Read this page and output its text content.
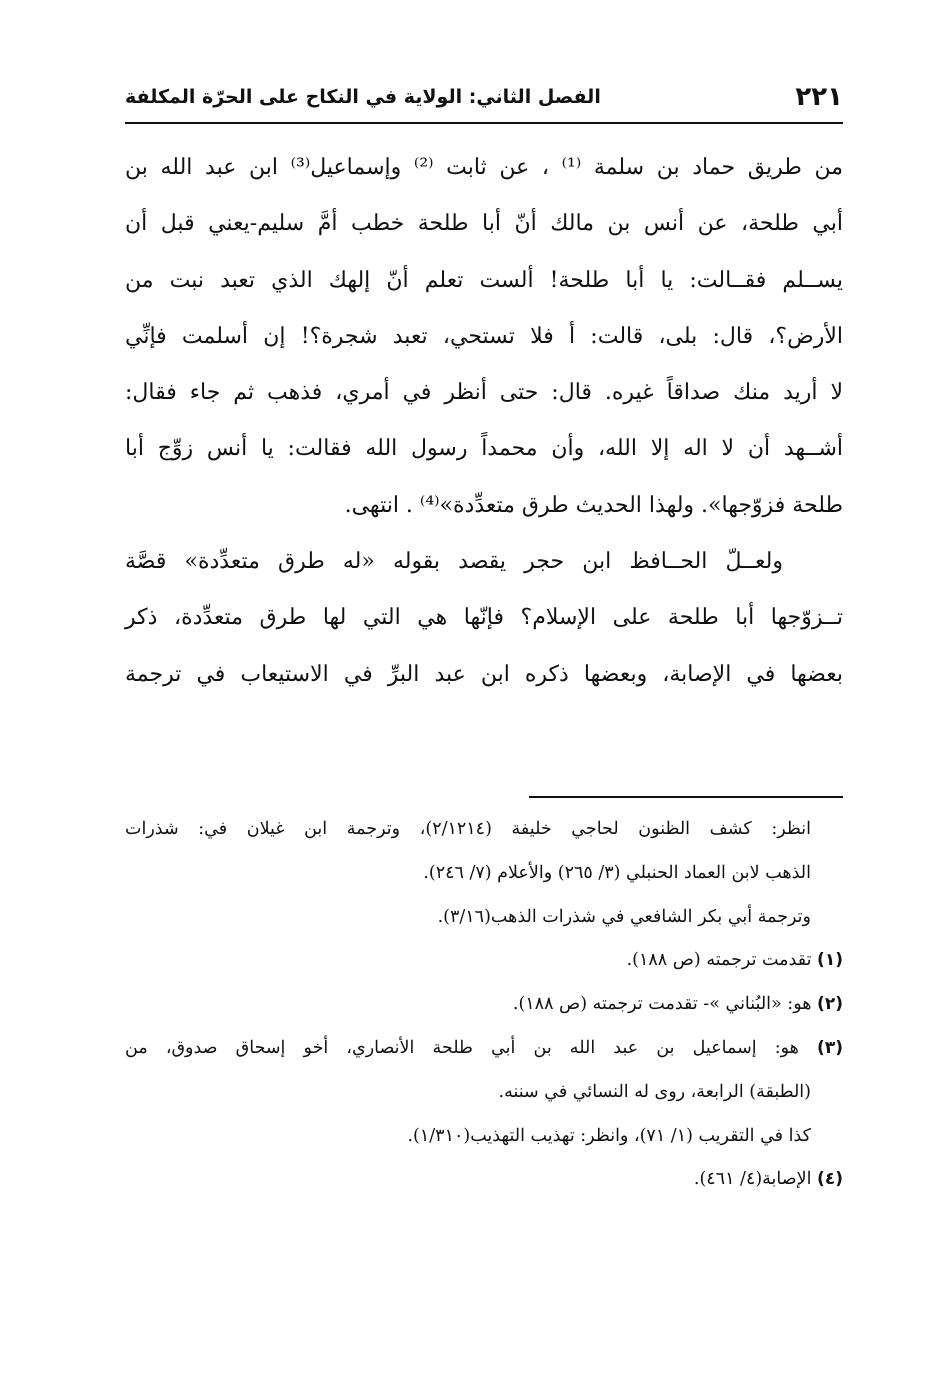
٢٢١
الفصل الثاني: الولاية في النكاح على الحرّة المكلفة
من طريق حماد بن سلمة ⁽¹⁾ ، عن ثابت ⁽²⁾ وإسماعيل⁽³⁾ ابن عبد الله بن
أبي طلحة، عن أنس بن مالك أنّ أبا طلحة خطب أمَّ سليم-يعني قبل أن
يســلم فقــالت: يا أبا طلحة! ألست تعلم أنّ إلهك الذي تعبد نبت من
الأرض؟، قال: بلى، قالت: أ فلا تستحي، تعبد شجرة؟! إن أسلمت فإنِّي
لا أريد منك صداقاً غيره. قال: حتى أنظر في أمري، فذهب ثم جاء فقال:
أشــهد أن لا اله إلا الله، وأن محمداً رسول الله فقالت: يا أنس زوِّج أبا
طلحة فزوّجها». ولهذا الحديث طرق متعدِّدة»⁽⁴⁾ . انتهى.
ولعــلّ الحــافظ ابن حجر يقصد بقوله «له طرق متعدِّدة» قصَّة
تــزوّجها أبا طلحة على الإسلام؟ فإنّها هي التي لها طرق متعدِّدة، ذكر
بعضها في الإصابة، وبعضها ذكره ابن عبد البرِّ في الاستيعاب في ترجمة
انظر: كشف الظنون لحاجي خليفة (٢/١٢١٤)، وترجمة ابن غيلان في: شذرات
الذهب لابن العماد الحنبلي (٣/ ٢٦٥) والأعلام (٧/ ٢٤٦).
وترجمة أبي بكر الشافعي في شذرات الذهب(٣/١٦).
(١) تقدمت ترجمته (ص ١٨٨).
(٢) هو: «البُناني »- تقدمت ترجمته (ص ١٨٨).
(٣) هو: إسماعيل بن عبد الله بن أبي طلحة الأنصاري، أخو إسحاق صدوق، من
(الطبقة) الرابعة، روى له النسائي في سننه.
كذا في التقريب (١/ ٧١)، وانظر: تهذيب التهذيب(١/٣١٠).
(٤) الإصابة(٤/ ٤٦١).
